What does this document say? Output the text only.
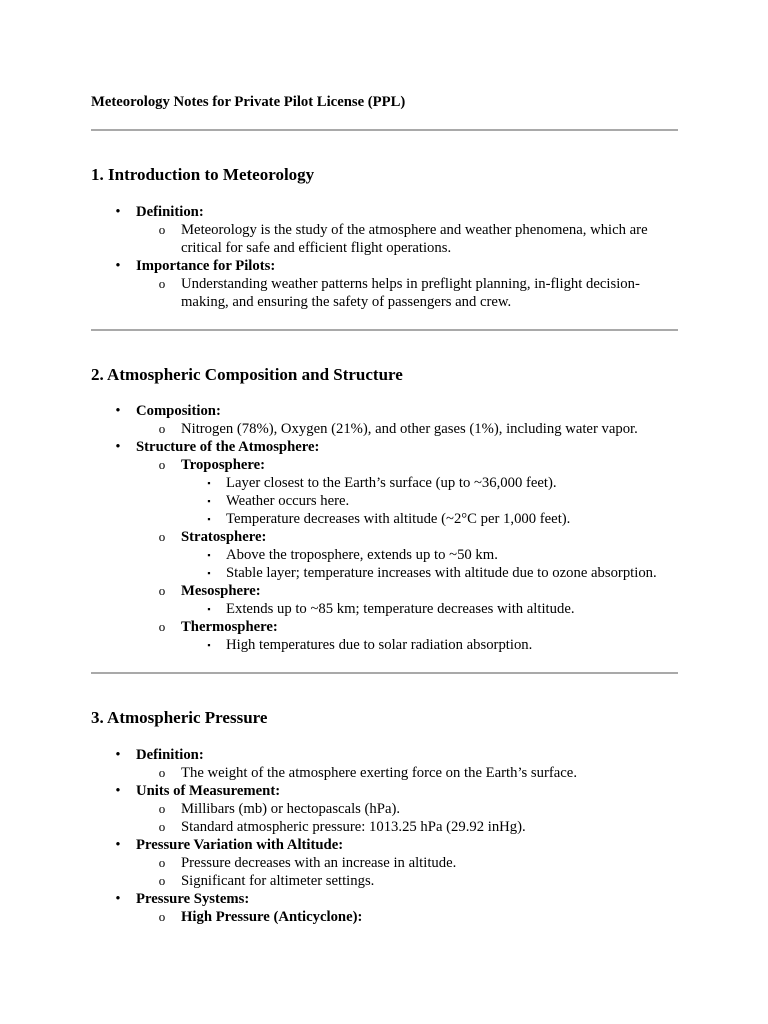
Meteorology Notes for Private Pilot License (PPL)

1. Introduction to Meteorology
• Definition:
o Meteorology is the study of the atmosphere and weather phenomena, which are critical for safe and efficient flight operations.
• Importance for Pilots:
o Understanding weather patterns helps in preflight planning, in-flight decision-making, and ensuring the safety of passengers and crew.
2. Atmospheric Composition and Structure
• Composition:
o Nitrogen (78%), Oxygen (21%), and other gases (1%), including water vapor.
• Structure of the Atmosphere:
o Troposphere:
▪ Layer closest to the Earth’s surface (up to ~36,000 feet).
▪ Weather occurs here.
▪ Temperature decreases with altitude (~2°C per 1,000 feet).
o Stratosphere:
▪ Above the troposphere, extends up to ~50 km.
▪ Stable layer; temperature increases with altitude due to ozone absorption.
o Mesosphere:
▪ Extends up to ~85 km; temperature decreases with altitude.
o Thermosphere:
▪ High temperatures due to solar radiation absorption.
3. Atmospheric Pressure
• Definition:
o The weight of the atmosphere exerting force on the Earth’s surface.
• Units of Measurement:
o Millibars (mb) or hectopascals (hPa).
o Standard atmospheric pressure: 1013.25 hPa (29.92 inHg).
• Pressure Variation with Altitude:
o Pressure decreases with an increase in altitude.
o Significant for altimeter settings.
• Pressure Systems:
o High Pressure (Anticyclone):
